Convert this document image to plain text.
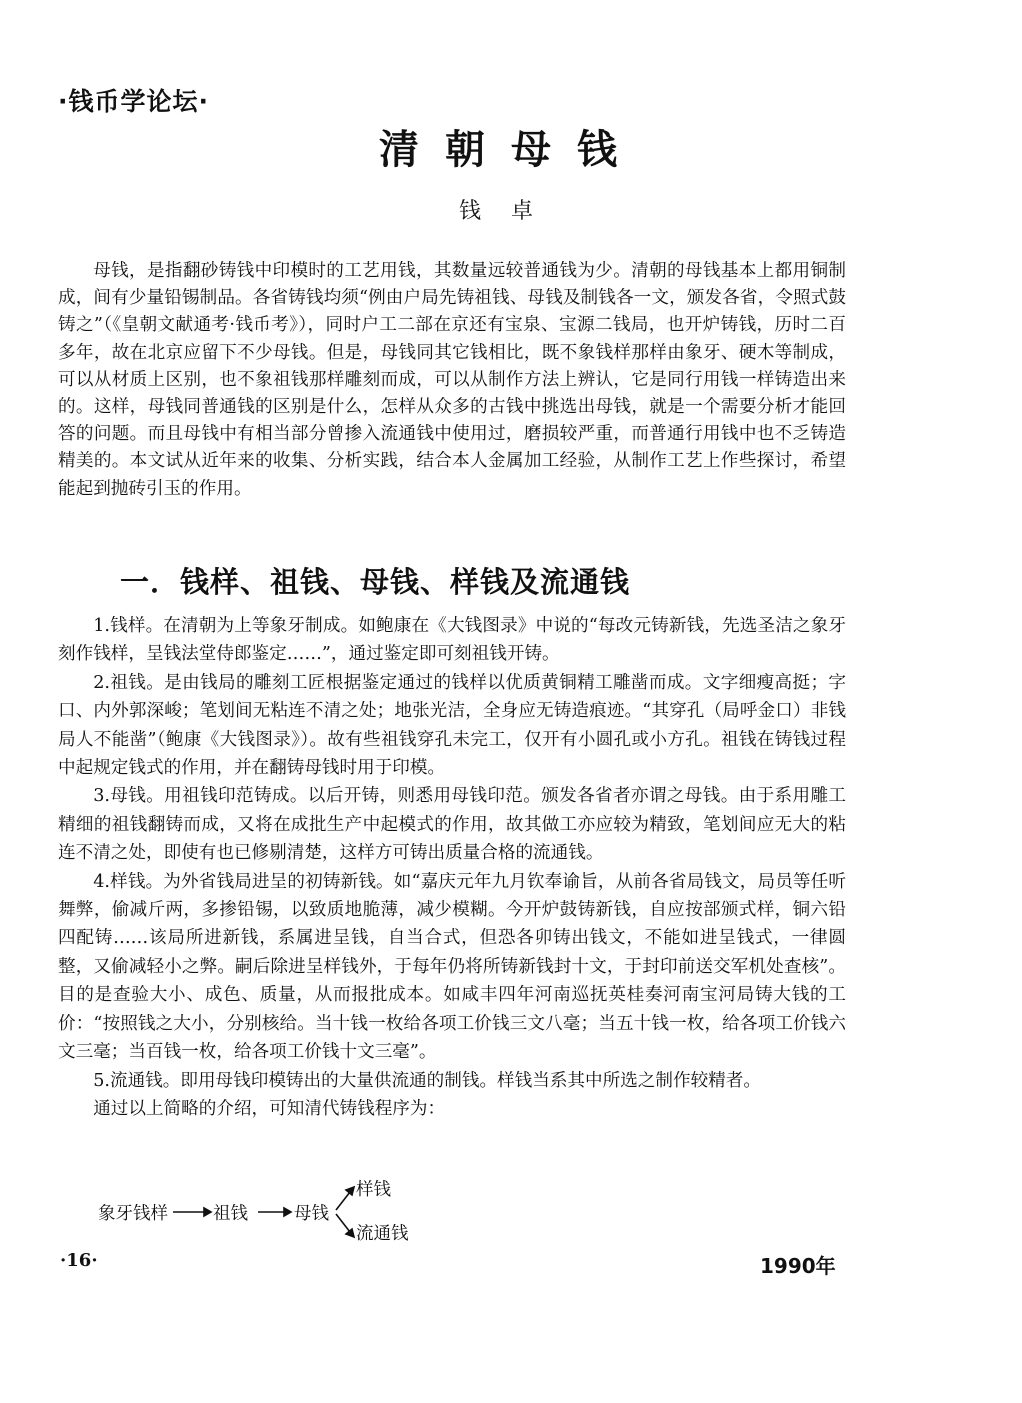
·钱币学论坛·
清朝母钱
钱卓

母钱，是指翻砂铸钱中印模时的工艺用钱，其数量远较普通钱为少。清朝的母钱基本上都用铜制成，间有少量铅锡制品。各省铸钱均须“例由户局先铸祖钱、母钱及制钱各一文，颁发各省，令照式鼓铸之”（《皇朝文献通考·钱币考》），同时户工二部在京还有宝泉、宝源二钱局，也开炉铸钱，历时二百多年，故在北京应留下不少母钱。但是，母钱同其它钱相比，既不象钱样那样由象牙、硬木等制成，可以从材质上区别，也不象祖钱那样雕刻而成，可以从制作方法上辨认，它是同行用钱一样铸造出来的。这样，母钱同普通钱的区别是什么，怎样从众多的古钱中挑选出母钱，就是一个需要分析才能回答的问题。而且母钱中有相当部分曾掺入流通钱中使用过，磨损较严重，而普通行用钱中也不乏铸造精美的。本文试从近年来的收集、分析实践，结合本人金属加工经验，从制作工艺上作些探讨，希望能起到抛砖引玉的作用。

一．钱样、祖钱、母钱、样钱及流通钱

1.钱样。在清朝为上等象牙制成。如鲍康在《大钱图录》中说的“每改元铸新钱，先选圣洁之象牙刻作钱样，呈钱法堂侍郎鉴定……”，通过鉴定即可刻祖钱开铸。

2.祖钱。是由钱局的雕刻工匠根据鉴定通过的钱样以优质黄铜精工雕凿而成。文字细瘦高挺；字口、内外郭深峻；笔划间无粘连不清之处；地张光洁，全身应无铸造痕迹。“其穿孔（局呼金口）非钱局人不能凿”（鲍康《大钱图录》）。故有些祖钱穿孔未完工，仅开有小圆孔或小方孔。祖钱在铸钱过程中起规定钱式的作用，并在翻铸母钱时用于印模。

3.母钱。用祖钱印范铸成。以后开铸，则悉用母钱印范。颁发各省者亦谓之母钱。由于系用雕工精细的祖钱翻铸而成，又将在成批生产中起模式的作用，故其做工亦应较为精致，笔划间应无大的粘连不清之处，即使有也已修剔清楚，这样方可铸出质量合格的流通钱。

4.样钱。为外省钱局进呈的初铸新钱。如“嘉庆元年九月钦奉谕旨，从前各省局钱文，局员等任听舞弊，偷减斤两，多掺铅锡，以致质地脆薄，减少模糊。今开炉鼓铸新钱，自应按部颁式样，铜六铅四配铸……该局所进新钱，系属进呈钱，自当合式，但恐各卯铸出钱文，不能如进呈钱式，一律圆整，又偷减轻小之弊。嗣后除进呈样钱外，于每年仍将所铸新钱封十文，于封印前送交军机处查核”。目的是查验大小、成色、质量，从而报批成本。如咸丰四年河南巡抚英桂奏河南宝河局铸大钱的工价：“按照钱之大小，分别核给。当十钱一枚给各项工价钱三文八毫；当五十钱一枚，给各项工价钱六文三毫；当百钱一枚，给各项工价钱十文三毫”。

5.流通钱。即用母钱印模铸出的大量供流通的制钱。样钱当系其中所选之制作较精者。

通过以上简略的介绍，可知清代铸钱程序为：

象牙钱样	祖钱	母钱
样钱
流通钱
·16·	1990年
